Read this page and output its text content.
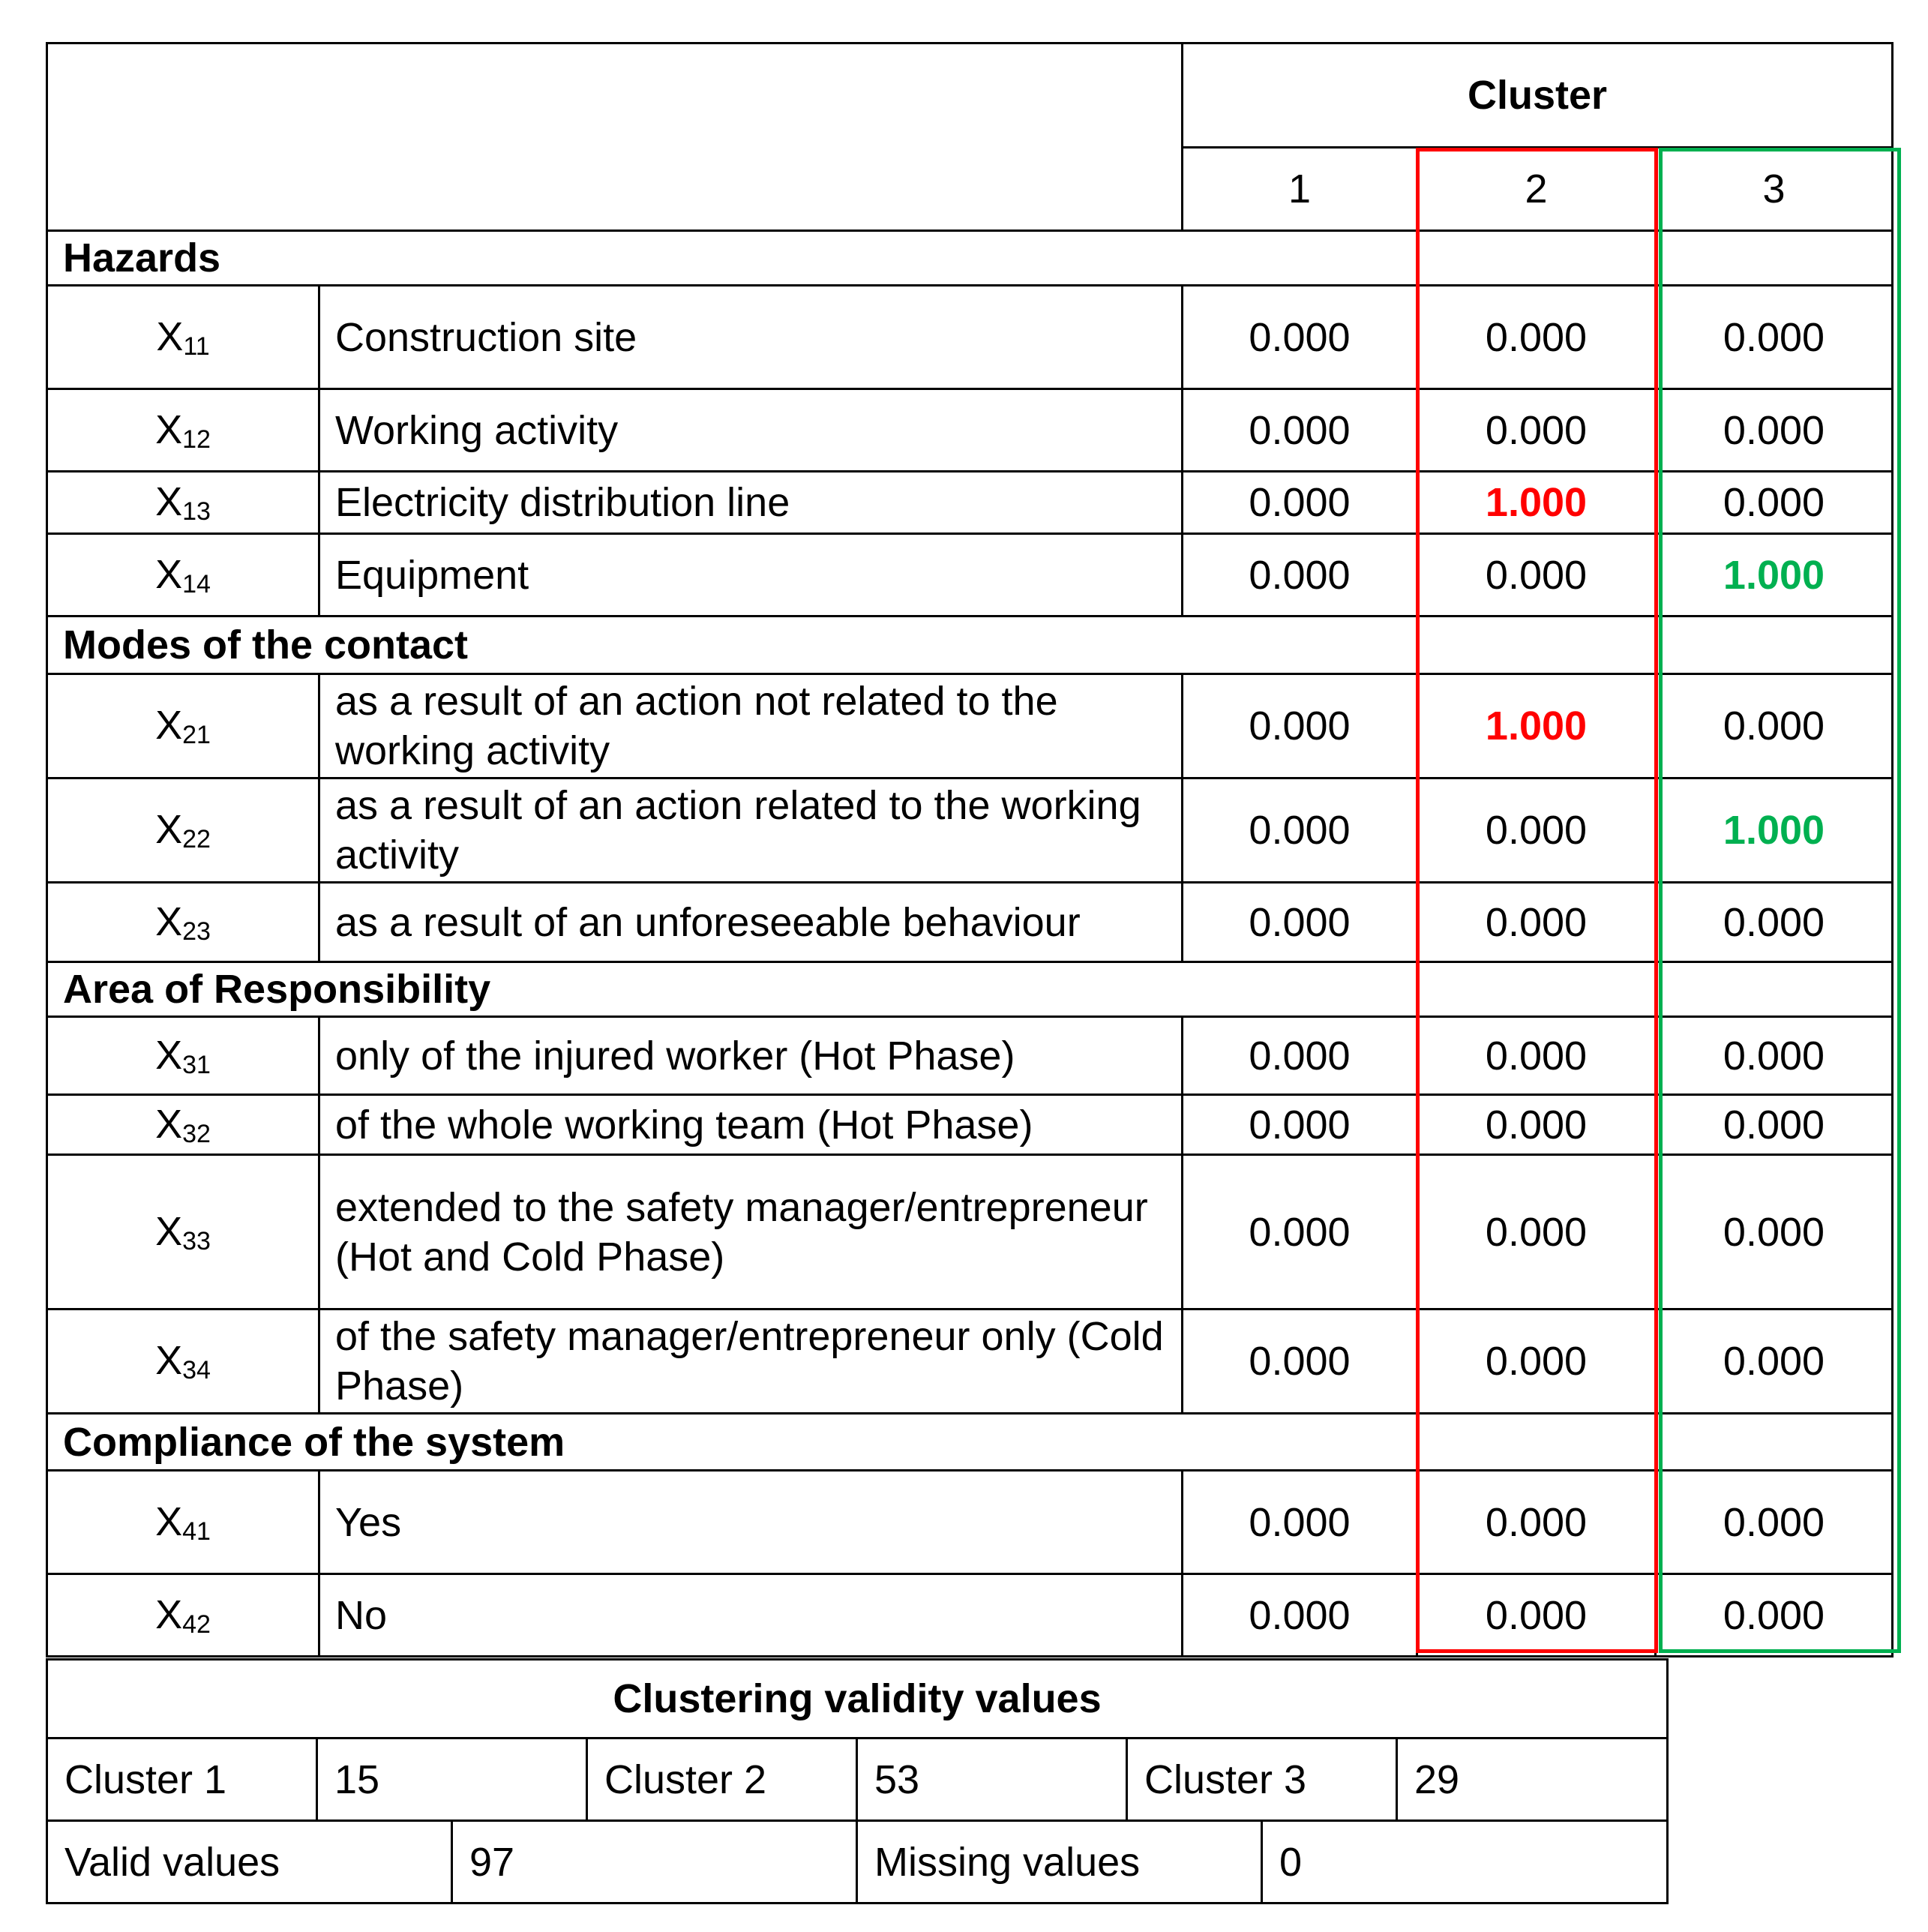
		Cluster		
		1	2	3
Hazards				
$X_{11}$	Construction site	0.000	0.000	0.000
$X_{12}$	Working activity	0.000	0.000	0.000
$X_{13}$	Electricity distribution line	0.000	1.000	0.000
$X_{14}$	Equipment	0.000	0.000	1.000
Modes of the contact				
$X_{21}$	as a result of an action not related to the working activity	0.000	1.000	0.000
$X_{22}$	as a result of an action related to the working activity	0.000	0.000	1.000
$X_{23}$	as a result of an unforeseeable behaviour	0.000	0.000	0.000
Area of Responsibility				
$X_{31}$	only of the injured worker (Hot Phase)	0.000	0.000	0.000
$X_{32}$	of the whole working team (Hot Phase)	0.000	0.000	0.000
$X_{33}$	extended to the safety manager/entrepreneur (Hot and Cold Phase)	0.000	0.000	0.000
$X_{34}$	of the safety manager/entrepreneur only (Cold Phase)	0.000	0.000	0.000
Compliance of the system				
$X_{41}$	Yes	0.000	0.000	0.000
$X_{42}$	No	0.000	0.000	0.000
Clustering validity values							
Cluster 1	15		Cluster 2	53	Cluster 3		29
Valid values		97		Missing values		0	
